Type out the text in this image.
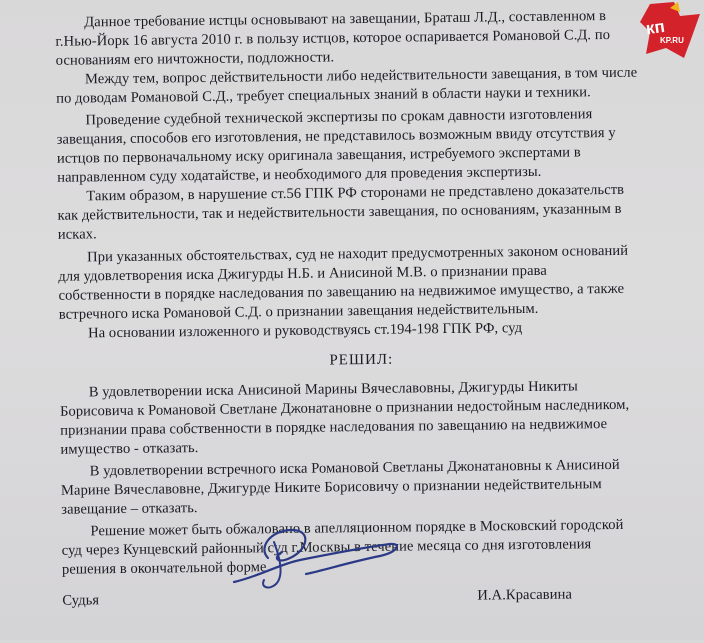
Данное требование истцы основывают на завещании, Браташ Л.Д., составленном в
г.Нью-Йорк 16 августа 2010 г. в пользу истцов, которое оспаривается Романовой С.Д. по
основаниям его ничтожности, подложности.
Между тем, вопрос действительности либо недействительности завещания, в том числе
по доводам Романовой С.Д., требует специальных знаний в области науки и техники.
Проведение судебной технической экспертизы по срокам давности изготовления
завещания, способов его изготовления, не представилось возможным ввиду отсутствия у
истцов по первоначальному иску оригинала завещания, истребуемого экспертами в
направленном суду ходатайстве, и необходимого для проведения экспертизы.
Таким образом, в нарушение ст.56 ГПК РФ сторонами не представлено доказательств
как действительности, так и недействительности завещания, по основаниям, указанным в
исках.
При указанных обстоятельствах, суд не находит предусмотренных законом оснований
для удовлетворения иска Джигурды Н.Б. и Анисиной М.В. о признании права
собственности в порядке наследования по завещанию на недвижимое имущество, а также
встречного иска Романовой С.Д. о признании завещания недействительным.
На основании изложенного и руководствуясь ст.194-198 ГПК РФ, суд
РЕШИЛ:
В удовлетворении иска Анисиной Марины Вячеславовны, Джигурды Никиты
Борисовича к Романовой Светлане Джонатановне о признании недостойным наследником,
признании права собственности в порядке наследования по завещанию на недвижимое
имущество - отказать.
В удовлетворении встречного иска Романовой Светланы Джонатановны к Анисиной
Марине Вячеславовне, Джигурде Никите Борисовичу о признании недействительным
завещание – отказать.
Решение может быть обжаловано в апелляционном порядке в Московский городской
суд через Кунцевский районный суд г.Москвы в течение месяца со дня изготовления
решения в окончательной форме.
Судья	И.А.Красавина
кп
KP.RU
